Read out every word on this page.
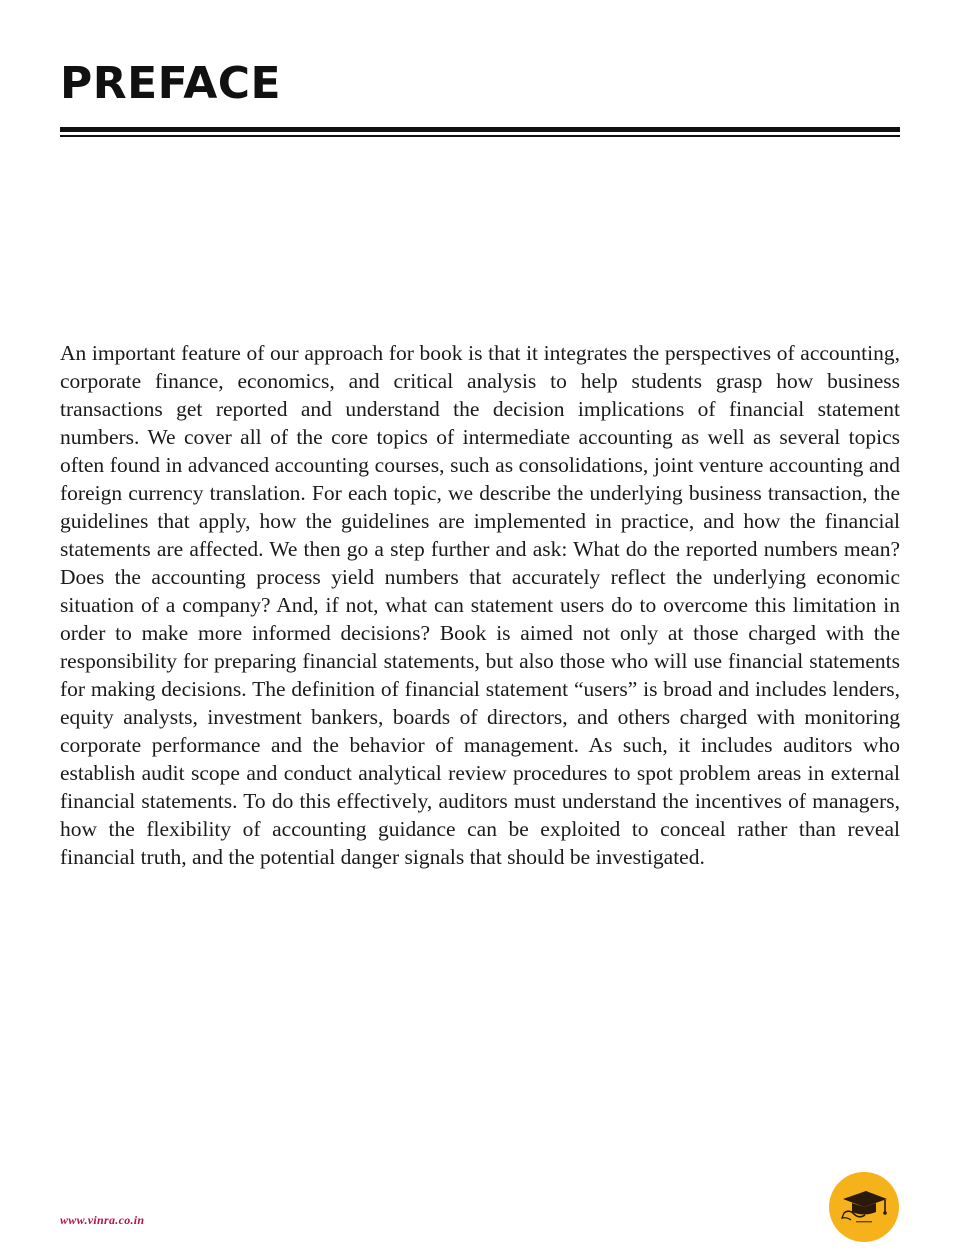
PREFACE

An important feature of our approach for book is that it integrates the perspectives of accounting, corporate finance, economics, and critical analysis to help students grasp how business transactions get reported and understand the decision implications of financial statement numbers. We cover all of the core topics of intermediate accounting as well as several topics often found in advanced accounting courses, such as consolidations, joint venture accounting and foreign currency translation. For each topic, we describe the underlying business transaction, the guidelines that apply, how the guidelines are implemented in practice, and how the financial statements are affected. We then go a step further and ask: What do the reported numbers mean? Does the accounting process yield numbers that accurately reflect the underlying economic situation of a company? And, if not, what can statement users do to overcome this limitation in order to make more informed decisions? Book is aimed not only at those charged with the responsibility for preparing financial statements, but also those who will use financial statements for making decisions. The definition of financial statement “users” is broad and includes lenders, equity analysts, investment bankers, boards of directors, and others charged with monitoring corporate performance and the behavior of management. As such, it includes auditors who establish audit scope and conduct analytical review procedures to spot problem areas in external financial statements. To do this effectively, auditors must understand the incentives of managers, how the flexibility of accounting guidance can be exploited to conceal rather than reveal financial truth, and the potential danger signals that should be investigated.

www.vinra.co.in
